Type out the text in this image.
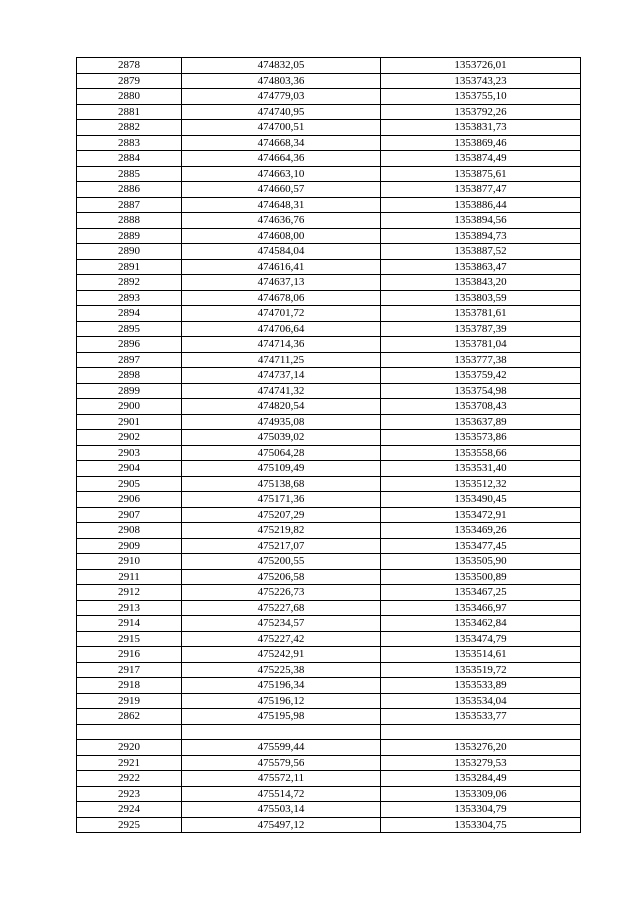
2878	474832,05	1353726,01
2879	474803,36	1353743,23
2880	474779,03	1353755,10
2881	474740,95	1353792,26
2882	474700,51	1353831,73
2883	474668,34	1353869,46
2884	474664,36	1353874,49
2885	474663,10	1353875,61
2886	474660,57	1353877,47
2887	474648,31	1353886,44
2888	474636,76	1353894,56
2889	474608,00	1353894,73
2890	474584,04	1353887,52
2891	474616,41	1353863,47
2892	474637,13	1353843,20
2893	474678,06	1353803,59
2894	474701,72	1353781,61
2895	474706,64	1353787,39
2896	474714,36	1353781,04
2897	474711,25	1353777,38
2898	474737,14	1353759,42
2899	474741,32	1353754,98
2900	474820,54	1353708,43
2901	474935,08	1353637,89
2902	475039,02	1353573,86
2903	475064,28	1353558,66
2904	475109,49	1353531,40
2905	475138,68	1353512,32
2906	475171,36	1353490,45
2907	475207,29	1353472,91
2908	475219,82	1353469,26
2909	475217,07	1353477,45
2910	475200,55	1353505,90
2911	475206,58	1353500,89
2912	475226,73	1353467,25
2913	475227,68	1353466,97
2914	475234,57	1353462,84
2915	475227,42	1353474,79
2916	475242,91	1353514,61
2917	475225,38	1353519,72
2918	475196,34	1353533,89
2919	475196,12	1353534,04
2862	475195,98	1353533,77

2920	475599,44	1353276,20
2921	475579,56	1353279,53
2922	475572,11	1353284,49
2923	475514,72	1353309,06
2924	475503,14	1353304,79
2925	475497,12	1353304,75
